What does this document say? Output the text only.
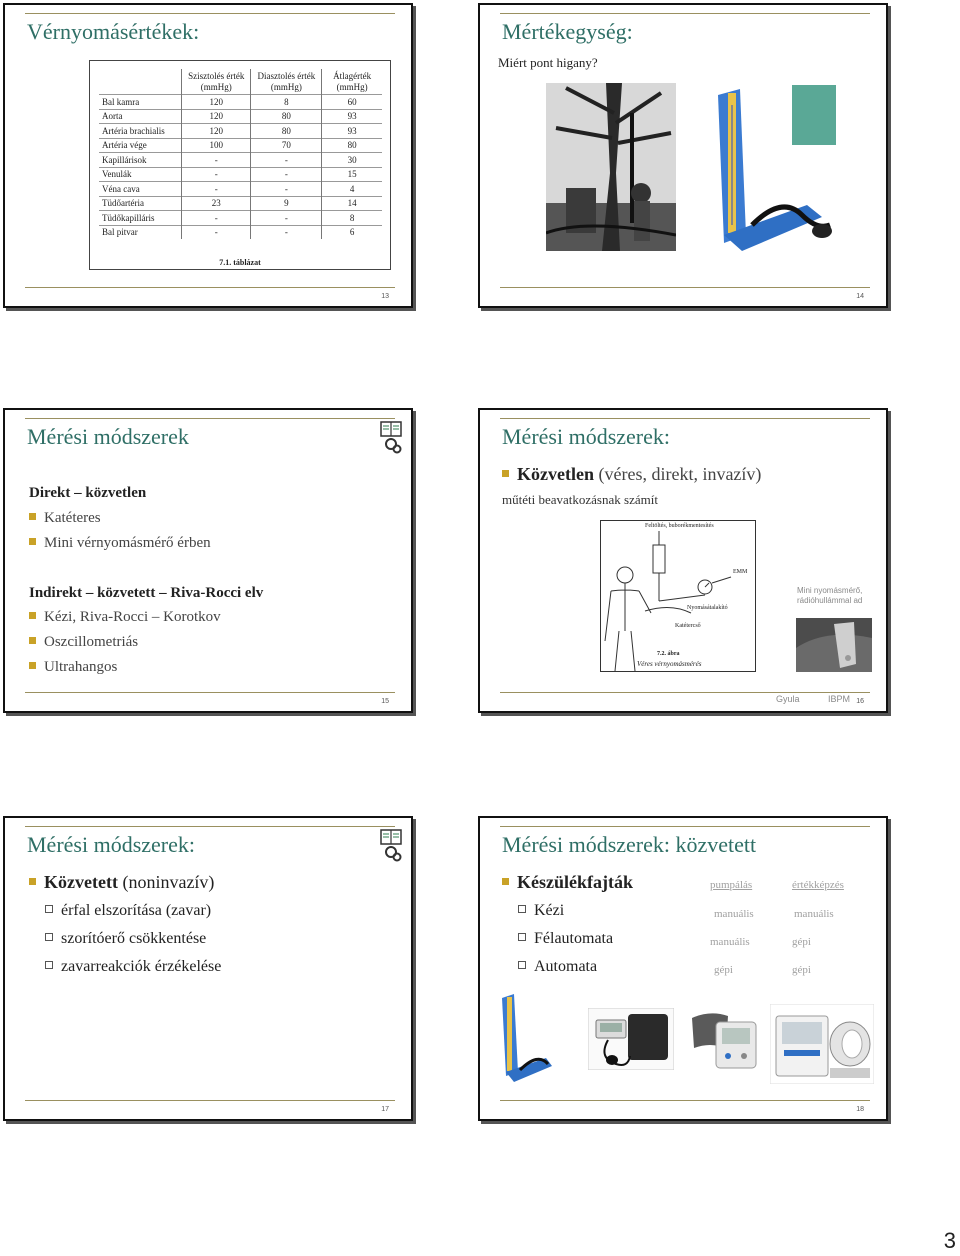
Vérnyomásértékek:
	Szisztolés érték (mmHg)	Diasztolés érték (mmHg)	Átlagérték (mmHg)
Bal kamra	120	8	60
Aorta	120	80	93
Artéria brachialis	120	80	93
Artéria vége	100	70	80
Kapillárisok	-	-	30
Venulák	-	-	15
Véna cava	-	-	4
Tüdőartéria	23	9	14
Tüdőkapilláris	-	-	8
Bal pitvar	-	-	6
7.1. táblázat
13
Mértékegység:
Miért pont higany?
14
Mérési módszerek
Direkt – közvetlen
Katéteres
Mini vérnyomásmérő érben
Indirekt – közvetett – Riva-Rocci elv
Kézi, Riva-Rocci – Korotkov
Oszcillometriás
Ultrahangos
15
Mérési módszerek:
Közvetlen (véres, direkt, invazív)
műtéti beavatkozásnak számít
Feltöltés, buborékmentesítés
EMM
Nyomásátalakító
Katétercső
7.2. ábra
Véres vérnyomásmérés
Mini nyomásmérő, rádióhullámmal ad
Gyula	IBPM 16
Mérési módszerek:
Közvetett (noninvazív)
érfal elszorítása (zavar)
szorítóerő csökkentése
zavarreakciók érzékelése
17
Mérési módszerek: közvetett
Készülékfajták	pumpálás	értékképzés
Kézi	manuális	manuális
Félautomata	manuális	gépi
Automata	gépi	gépi
18
3
